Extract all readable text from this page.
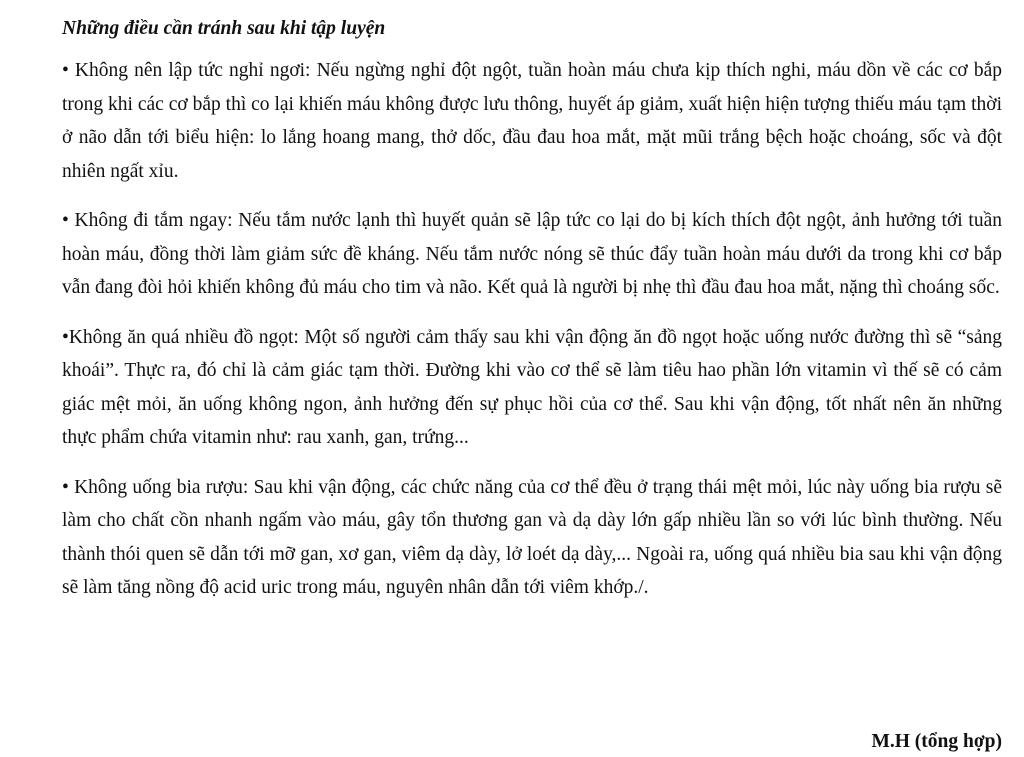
Những điều cần tránh sau khi tập luyện

• Không nên lập tức nghỉ ngơi: Nếu ngừng nghỉ đột ngột, tuần hoàn máu chưa kịp thích nghi, máu dồn về các cơ bắp trong khi các cơ bắp thì co lại khiến máu không được lưu thông, huyết áp giảm, xuất hiện hiện tượng thiếu máu tạm thời ở não dẫn tới biểu hiện: lo lắng hoang mang, thở dốc, đầu đau hoa mắt, mặt mũi trắng bệch hoặc choáng, sốc và đột nhiên ngất xỉu.

• Không đi tắm ngay: Nếu tắm nước lạnh thì huyết quản sẽ lập tức co lại do bị kích thích đột ngột, ảnh hưởng tới tuần hoàn máu, đồng thời làm giảm sức đề kháng. Nếu tắm nước nóng sẽ thúc đẩy tuần hoàn máu dưới da trong khi cơ bắp vẫn đang đòi hỏi khiến không đủ máu cho tim và não. Kết quả là người bị nhẹ thì đầu đau hoa mắt, nặng thì choáng sốc.

•Không ăn quá nhiều đồ ngọt: Một số người cảm thấy sau khi vận động ăn đồ ngọt hoặc uống nước đường thì sẽ “sảng khoái”. Thực ra, đó chỉ là cảm giác tạm thời. Đường khi vào cơ thể sẽ làm tiêu hao phần lớn vitamin vì thế sẽ có cảm giác mệt mỏi, ăn uống không ngon, ảnh hưởng đến sự phục hồi của cơ thể. Sau khi vận động, tốt nhất nên ăn những thực phẩm chứa vitamin như: rau xanh, gan, trứng...

• Không uống bia rượu: Sau khi vận động, các chức năng của cơ thể đều ở trạng thái mệt mỏi, lúc này uống bia rượu sẽ làm cho chất cồn nhanh ngấm vào máu, gây tổn thương gan và dạ dày lớn gấp nhiều lần so với lúc bình thường. Nếu thành thói quen sẽ dẫn tới mỡ gan, xơ gan, viêm dạ dày, lở loét dạ dày,... Ngoài ra, uống quá nhiều bia sau khi vận động sẽ làm tăng nồng độ acid uric trong máu, nguyên nhân dẫn tới viêm khớp./.

M.H (tổng hợp)
